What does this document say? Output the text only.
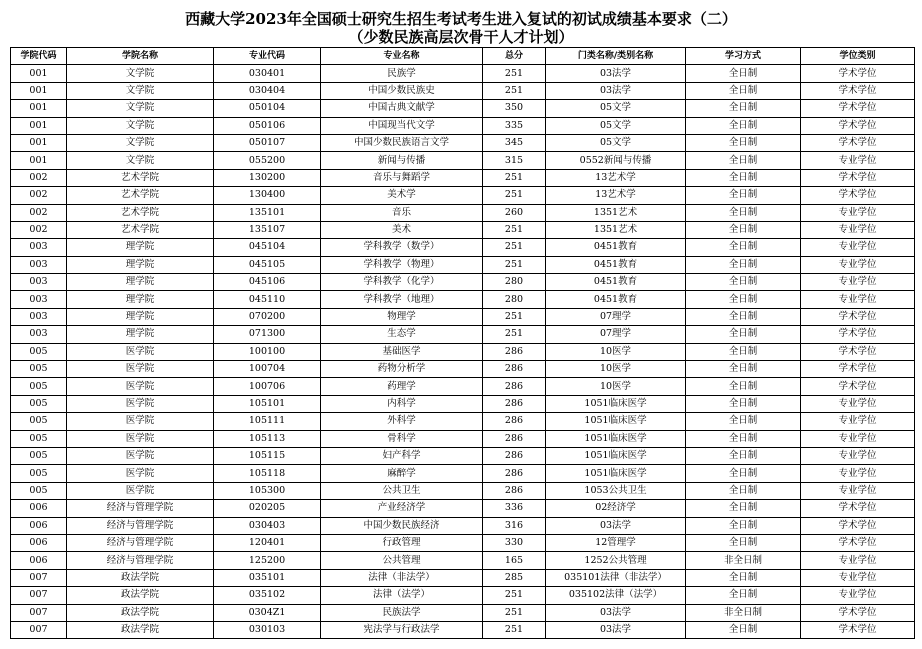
西藏大学2023年全国硕士研究生招生考试考生进入复试的初试成绩基本要求（二）
（少数民族高层次骨干人才计划）
学院代码	学院名称	专业代码	专业名称	总分	门类名称/类别名称	学习方式	学位类别
001	文学院	030401	民族学	251	03法学	全日制	学术学位
001	文学院	030404	中国少数民族史	251	03法学	全日制	学术学位
001	文学院	050104	中国古典文献学	350	05文学	全日制	学术学位
001	文学院	050106	中国现当代文学	335	05文学	全日制	学术学位
001	文学院	050107	中国少数民族语言文学	345	05文学	全日制	学术学位
001	文学院	055200	新闻与传播	315	0552新闻与传播	全日制	专业学位
002	艺术学院	130200	音乐与舞蹈学	251	13艺术学	全日制	学术学位
002	艺术学院	130400	美术学	251	13艺术学	全日制	学术学位
002	艺术学院	135101	音乐	260	1351艺术	全日制	专业学位
002	艺术学院	135107	美术	251	1351艺术	全日制	专业学位
003	理学院	045104	学科教学（数学）	251	0451教育	全日制	专业学位
003	理学院	045105	学科教学（物理）	251	0451教育	全日制	专业学位
003	理学院	045106	学科教学（化学）	280	0451教育	全日制	专业学位
003	理学院	045110	学科教学（地理）	280	0451教育	全日制	专业学位
003	理学院	070200	物理学	251	07理学	全日制	学术学位
003	理学院	071300	生态学	251	07理学	全日制	学术学位
005	医学院	100100	基础医学	286	10医学	全日制	学术学位
005	医学院	100704	药物分析学	286	10医学	全日制	学术学位
005	医学院	100706	药理学	286	10医学	全日制	学术学位
005	医学院	105101	内科学	286	1051临床医学	全日制	专业学位
005	医学院	105111	外科学	286	1051临床医学	全日制	专业学位
005	医学院	105113	骨科学	286	1051临床医学	全日制	专业学位
005	医学院	105115	妇产科学	286	1051临床医学	全日制	专业学位
005	医学院	105118	麻醉学	286	1051临床医学	全日制	专业学位
005	医学院	105300	公共卫生	286	1053公共卫生	全日制	专业学位
006	经济与管理学院	020205	产业经济学	336	02经济学	全日制	学术学位
006	经济与管理学院	030403	中国少数民族经济	316	03法学	全日制	学术学位
006	经济与管理学院	120401	行政管理	330	12管理学	全日制	学术学位
006	经济与管理学院	125200	公共管理	165	1252公共管理	非全日制	专业学位
007	政法学院	035101	法律（非法学）	285	035101法律（非法学）	全日制	专业学位
007	政法学院	035102	法律（法学）	251	035102法律（法学）	全日制	专业学位
007	政法学院	0304Z1	民族法学	251	03法学	非全日制	学术学位
007	政法学院	030103	宪法学与行政法学	251	03法学	全日制	学术学位
